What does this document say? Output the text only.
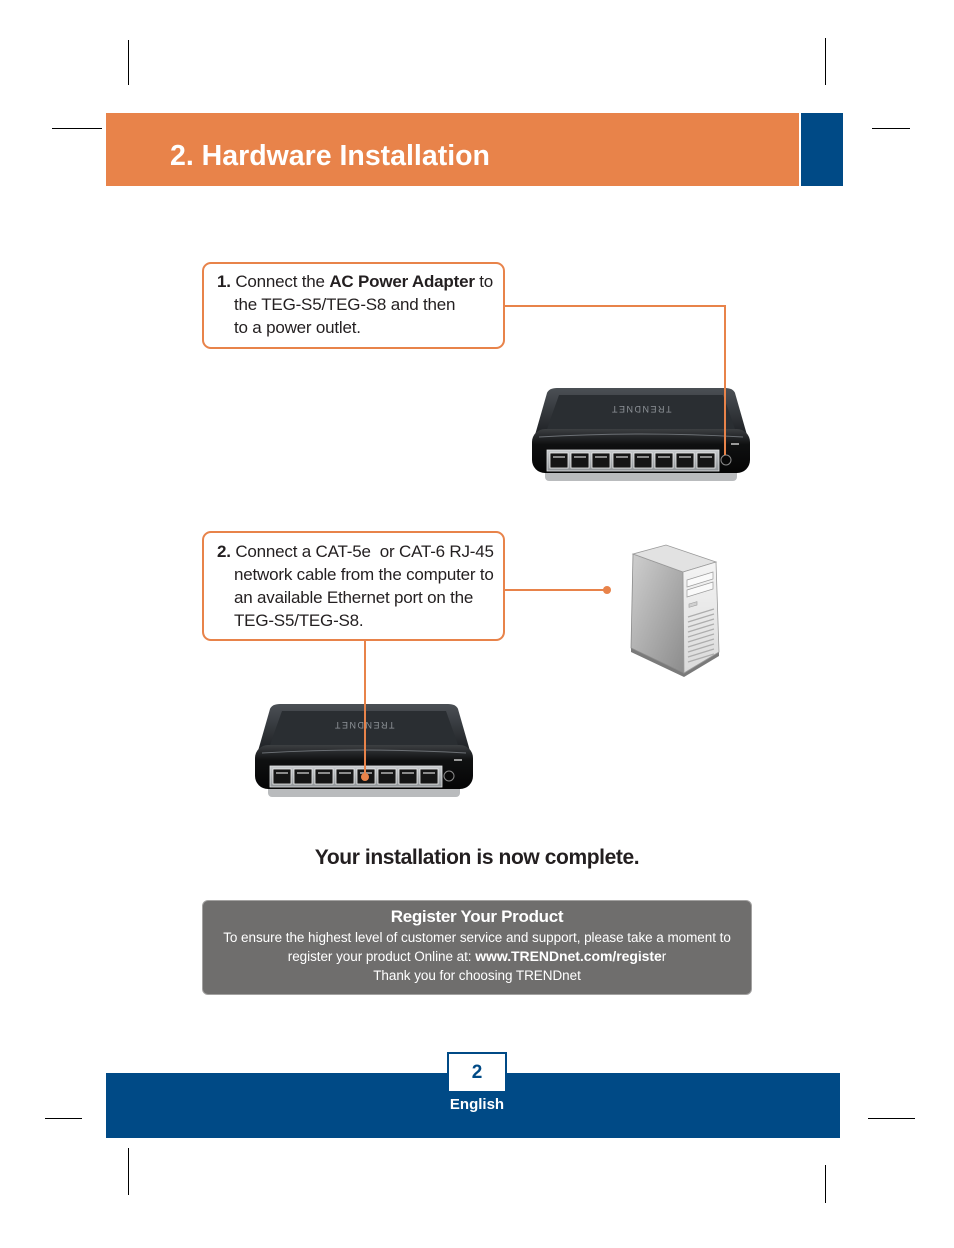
2. Hardware Installation
TRENDNET
TRENDNET
1. Connect the AC Power Adapter to
the TEG-S5/TEG-S8 and then
to a power outlet.
2. Connect a CAT-5e  or CAT-6 RJ-45
network cable from the computer to
an available Ethernet port on the
TEG-S5/TEG-S8.
Your installation is now complete.
Register Your Product
To ensure the highest level of customer service and support, please take a moment to
register your product Online at: www.TRENDnet.com/register
Thank you for choosing TRENDnet
2
English
